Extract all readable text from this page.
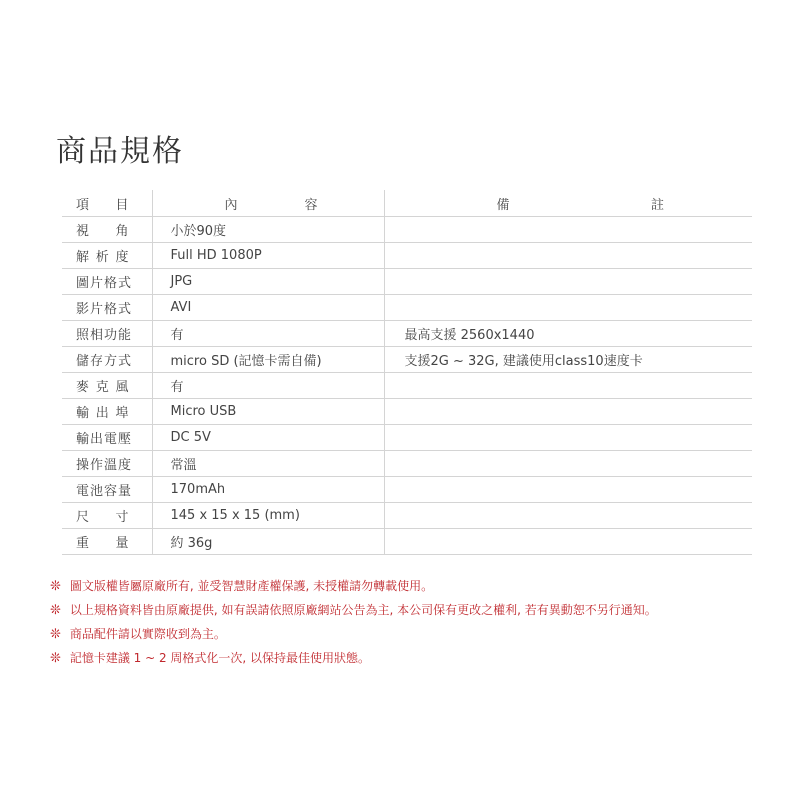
商品規格
項目	內容	備註
視角	小於90度	
解析度	Full HD 1080P	
圖片格式	JPG	
影片格式	AVI	
照相功能	有	最高支援 2560x1440
儲存方式	micro SD (記憶卡需自備)	支援2G ~ 32G, 建議使用class10速度卡
麥克風	有	
輸出埠	Micro USB	
輸出電壓	DC 5V	
操作溫度	常溫	
電池容量	170mAh	
尺寸	145 x 15 x 15 (mm)	
重量	約 36g	
❊ 圖文版權皆屬原廠所有, 並受智慧財產權保護, 未授權請勿轉載使用。
❊ 以上規格資料皆由原廠提供, 如有誤請依照原廠網站公告為主, 本公司保有更改之權利, 若有異動恕不另行通知。
❊ 商品配件請以實際收到為主。
❊ 記憶卡建議 1 ~ 2 周格式化一次, 以保持最佳使用狀態。
